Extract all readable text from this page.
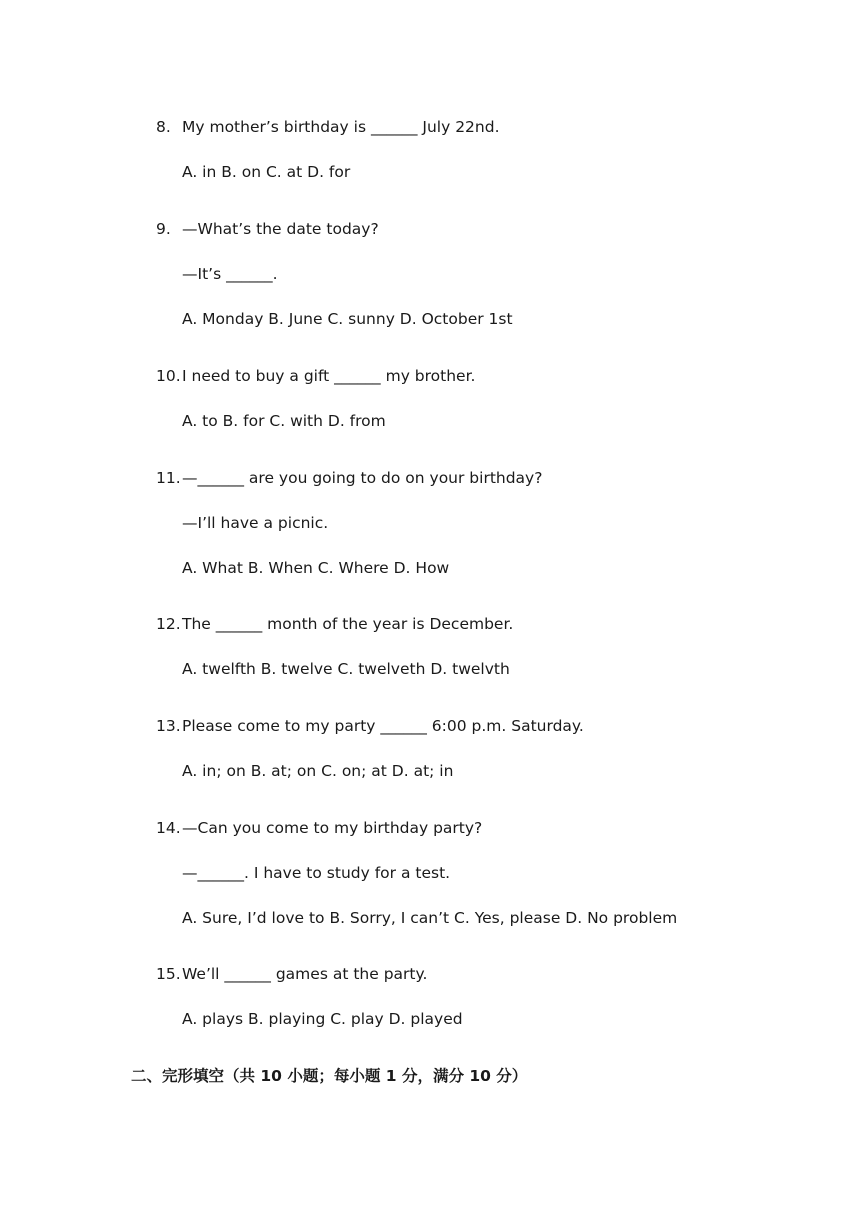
8. My mother’s birthday is ______ July 22nd.
A. in B. on C. at D. for
9. —What’s the date today?
—It’s ______.
A. Monday B. June C. sunny D. October 1st
10. I need to buy a gift ______ my brother.
A. to B. for C. with D. from
11. —______ are you going to do on your birthday?
—I’ll have a picnic.
A. What B. When C. Where D. How
12. The ______ month of the year is December.
A. twelfth B. twelve C. twelveth D. twelvth
13. Please come to my party ______ 6:00 p.m. Saturday.
A. in; on B. at; on C. on; at D. at; in
14. —Can you come to my birthday party?
—______. I have to study for a test.
A. Sure, I’d love to B. Sorry, I can’t C. Yes, please D. No problem
15. We’ll ______ games at the party.
A. plays B. playing C. play D. played
二、完形填空（共 10 小题；每小题 1 分，满分 10 分）
